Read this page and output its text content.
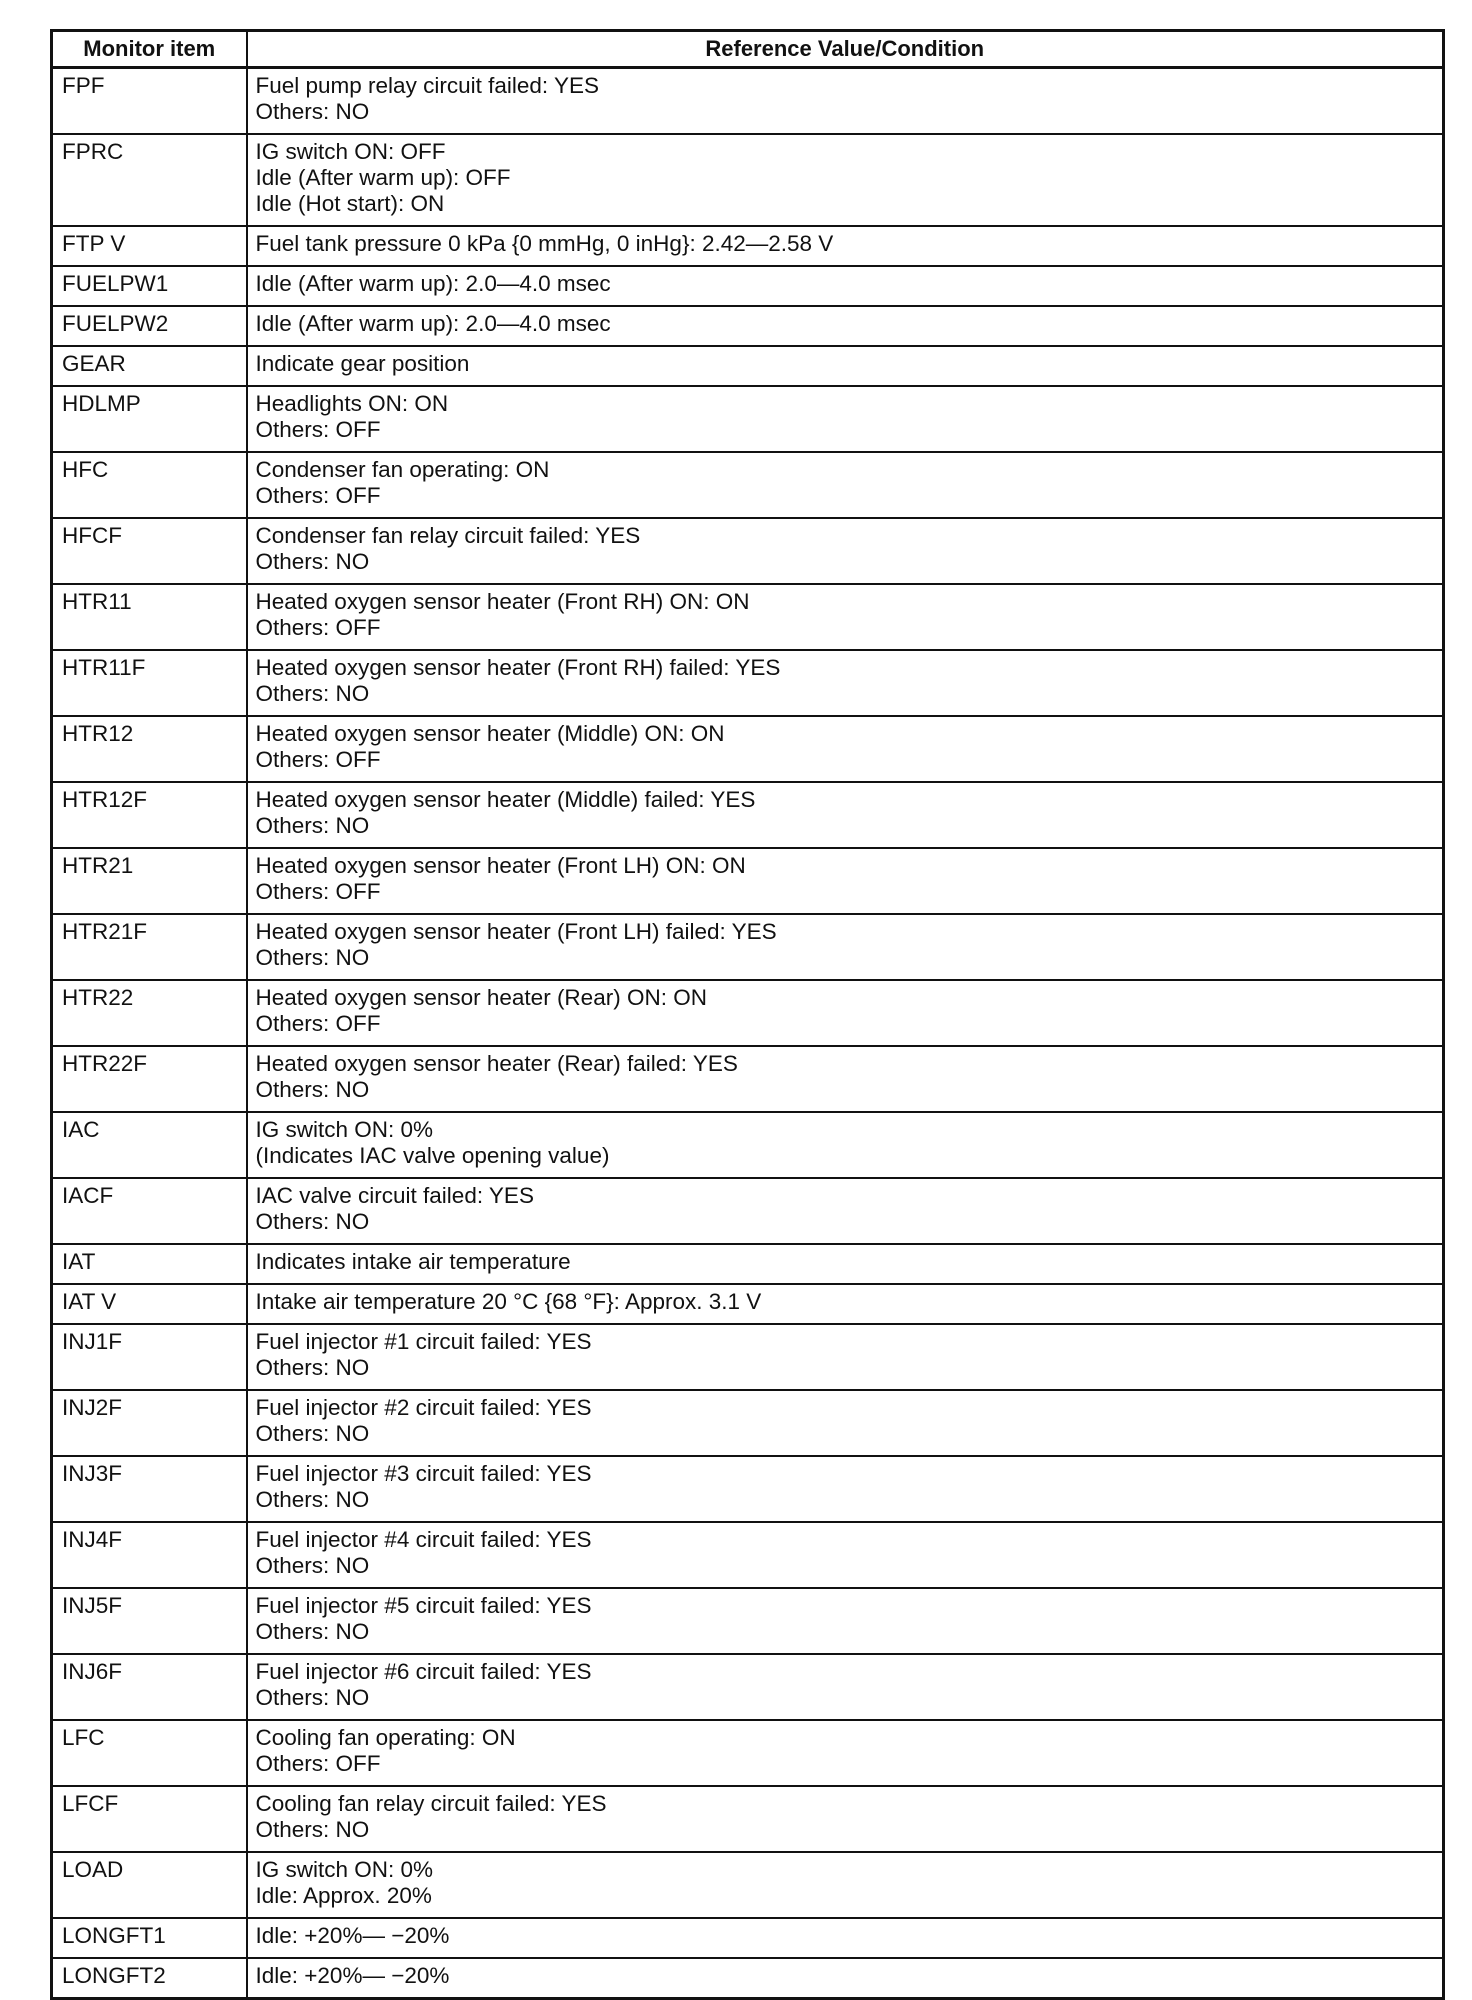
Monitor item	Reference Value/Condition
FPF	Fuel pump relay circuit failed: YES
Others: NO

FPRC	IG switch ON: OFF
Idle (After warm up): OFF
Idle (Hot start): ON

FTP V	Fuel tank pressure 0 kPa {0 mmHg, 0 inHg}: 2.42—2.58 V

FUELPW1	Idle (After warm up): 2.0—4.0 msec

FUELPW2	Idle (After warm up): 2.0—4.0 msec

GEAR	Indicate gear position

HDLMP	Headlights ON: ON
Others: OFF

HFC	Condenser fan operating: ON
Others: OFF

HFCF	Condenser fan relay circuit failed: YES
Others: NO

HTR11	Heated oxygen sensor heater (Front RH) ON: ON
Others: OFF

HTR11F	Heated oxygen sensor heater (Front RH) failed: YES
Others: NO

HTR12	Heated oxygen sensor heater (Middle) ON: ON
Others: OFF

HTR12F	Heated oxygen sensor heater (Middle) failed: YES
Others: NO

HTR21	Heated oxygen sensor heater (Front LH) ON: ON
Others: OFF

HTR21F	Heated oxygen sensor heater (Front LH) failed: YES
Others: NO

HTR22	Heated oxygen sensor heater (Rear) ON: ON
Others: OFF

HTR22F	Heated oxygen sensor heater (Rear) failed: YES
Others: NO

IAC	IG switch ON: 0%
(Indicates IAC valve opening value)

IACF	IAC valve circuit failed: YES
Others: NO

IAT	Indicates intake air temperature

IAT V	Intake air temperature 20 °C {68 °F}: Approx. 3.1 V

INJ1F	Fuel injector #1 circuit failed: YES
Others: NO

INJ2F	Fuel injector #2 circuit failed: YES
Others: NO

INJ3F	Fuel injector #3 circuit failed: YES
Others: NO

INJ4F	Fuel injector #4 circuit failed: YES
Others: NO

INJ5F	Fuel injector #5 circuit failed: YES
Others: NO

INJ6F	Fuel injector #6 circuit failed: YES
Others: NO

LFC	Cooling fan operating: ON
Others: OFF

LFCF	Cooling fan relay circuit failed: YES
Others: NO

LOAD	IG switch ON: 0%
Idle: Approx. 20%

LONGFT1	Idle: +20%— −20%

LONGFT2	Idle: +20%— −20%
